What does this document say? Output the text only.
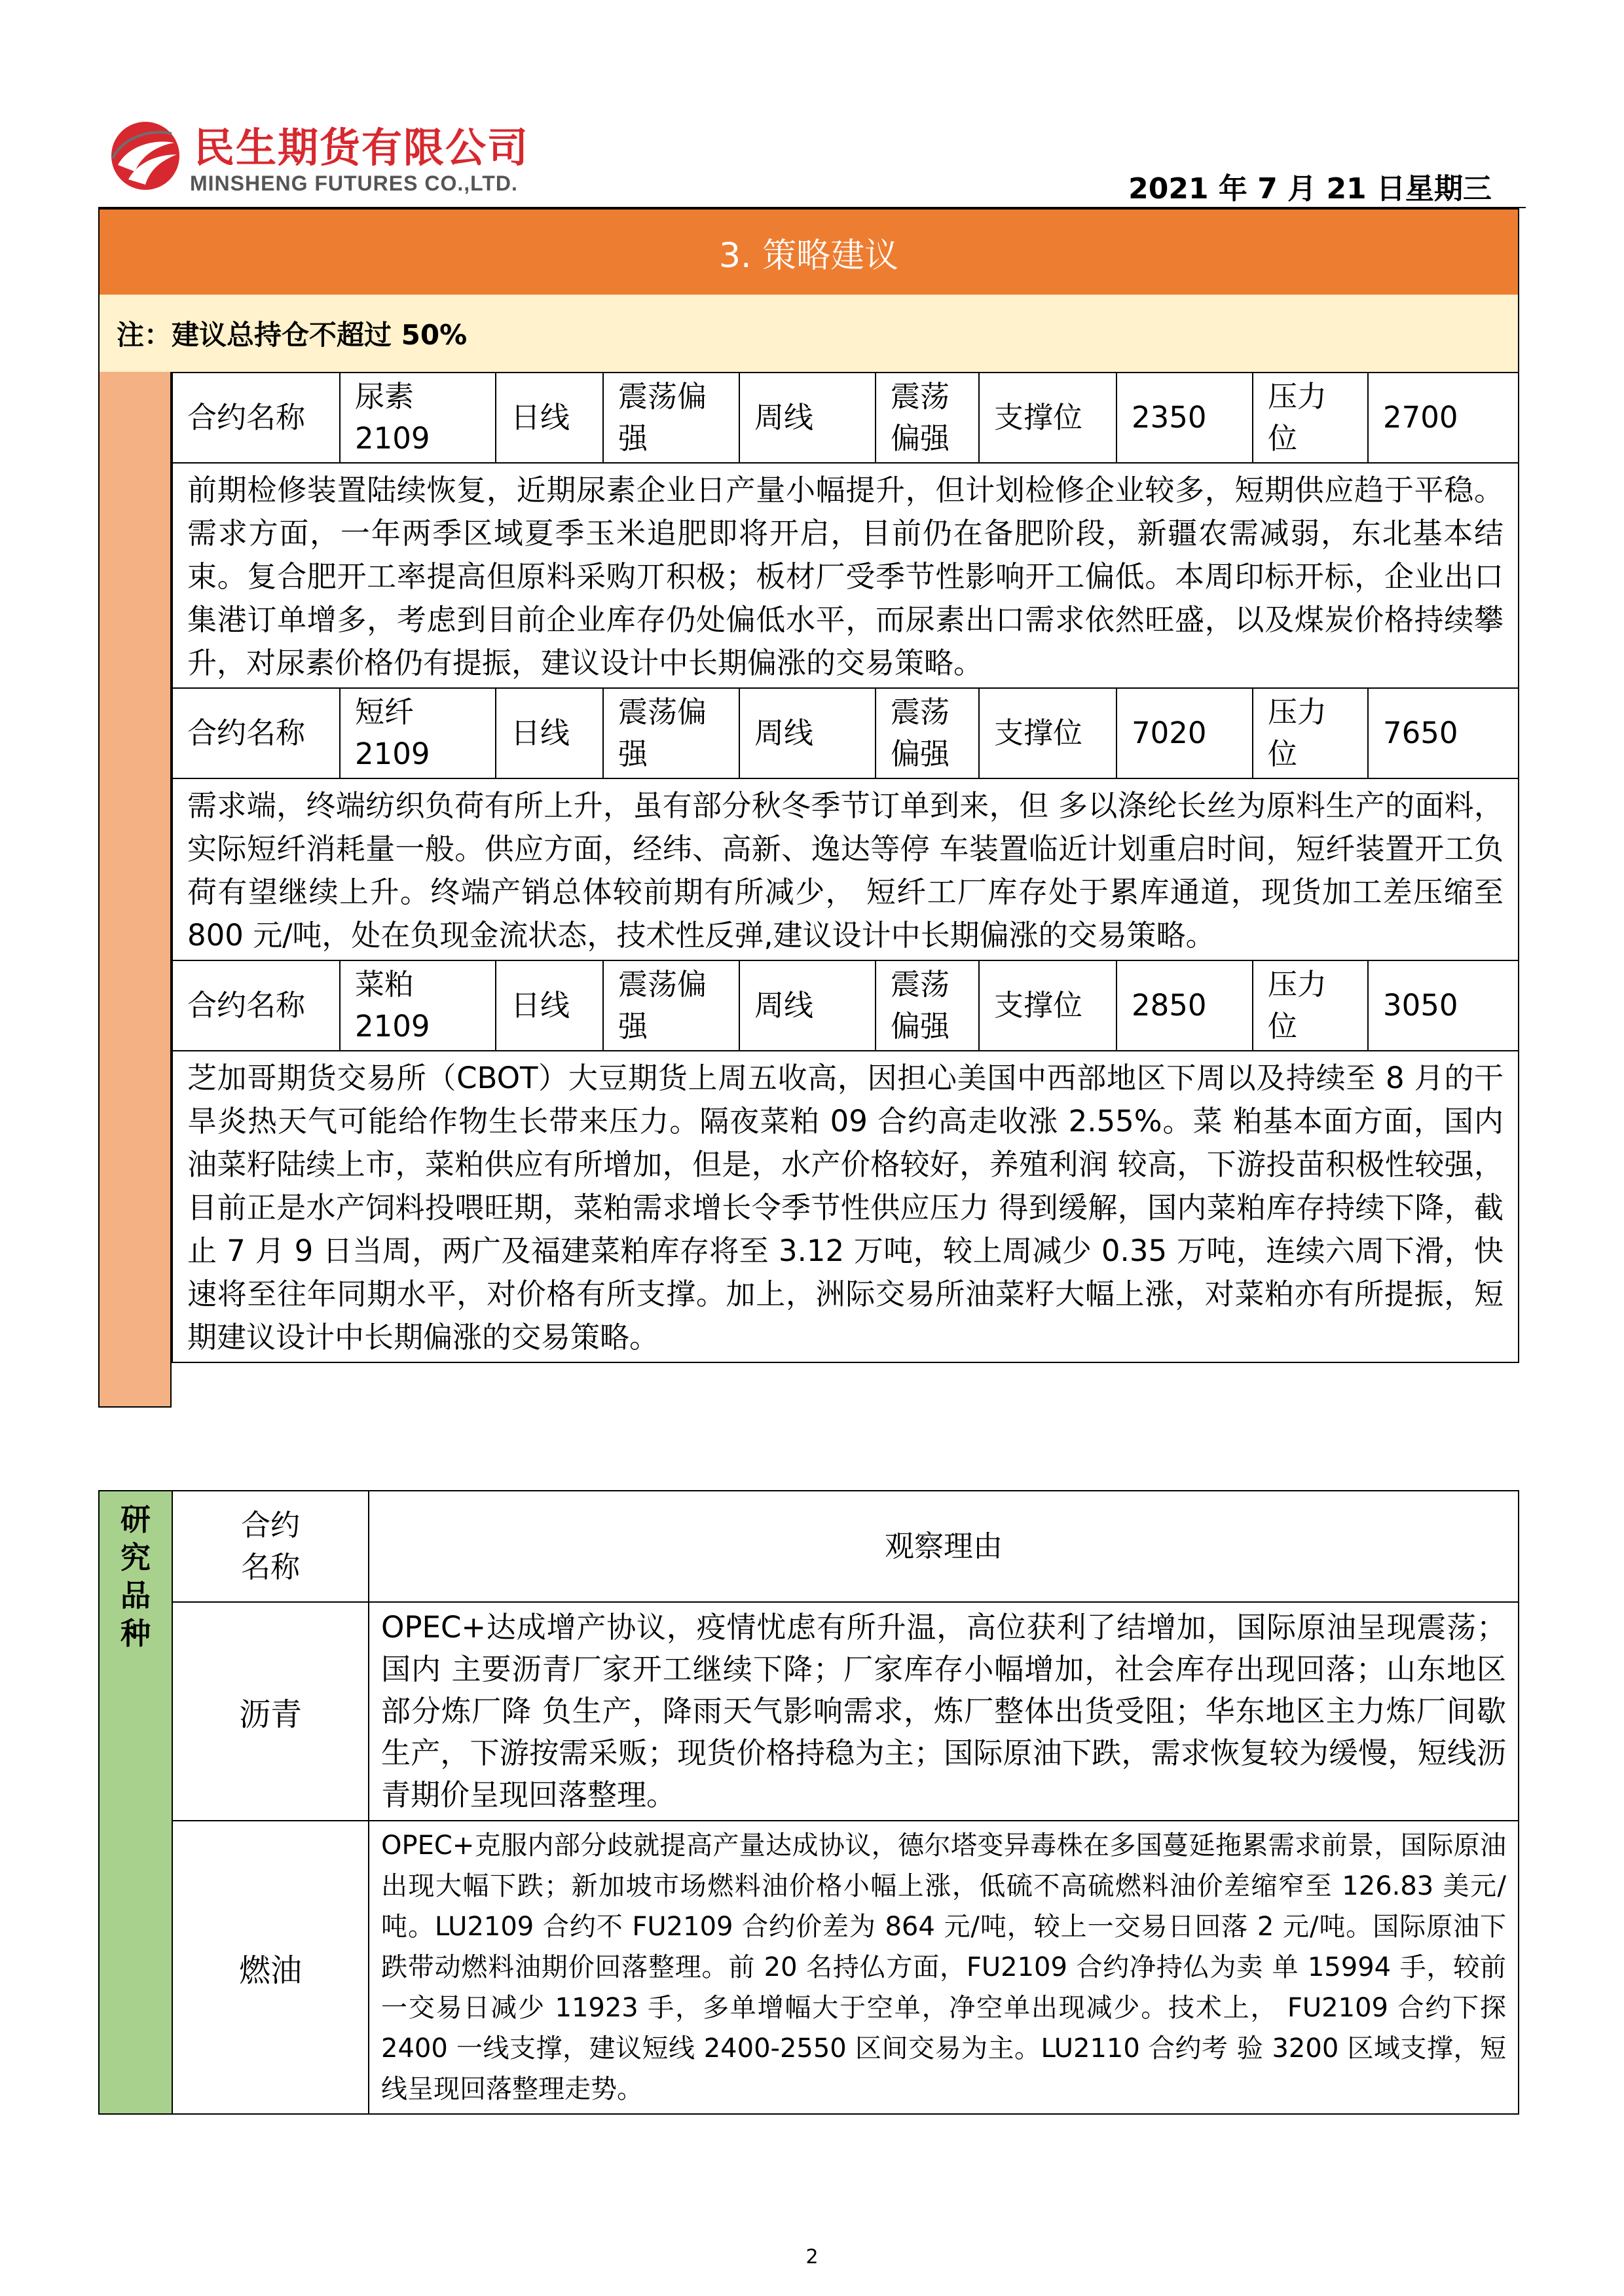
民生期货有限公司
MINSHENG FUTURES CO.,LTD.	2021 年 7 月 21 日星期三
3. 策略建议
注：建议总持仓不超过 50%
合约名称	尿素 2109	日线	震荡偏强	周线	震荡偏强	支撑位	2350	压力位	2700
前期检修装置陆续恢复，近期尿素企业日产量小幅提升，但计划检修企业较多，短期供应趋于平稳。需求方面，一年两季区域夏季玉米追肥即将开启，目前仍在备肥阶段，新疆农需减弱，东北基本结束。复合肥开工率提高但原料采购丌积极；板材厂受季节性影响开工偏低。本周印标开标，企业出口集港订单增多，考虑到目前企业库存仍处偏低水平，而尿素出口需求依然旺盛，以及煤炭价格持续攀升，对尿素价格仍有提振，建议设计中长期偏涨的交易策略。									
合约名称	短纤 2109	日线	震荡偏强	周线	震荡偏强	支撑位	7020	压力位	7650
需求端，终端纺织负荷有所上升，虽有部分秋冬季节订单到来，但 多以涤纶长丝为原料生产的面料，实际短纤消耗量一般。供应方面，经纬、高新、逸达等停 车装置临近计划重启时间，短纤装置开工负荷有望继续上升。终端产销总体较前期有所减少， 短纤工厂库存处于累库通道，现货加工差压缩至 800 元/吨，处在负现金流状态，技术性反弹,建议设计中长期偏涨的交易策略。									
合约名称	菜粕 2109	日线	震荡偏强	周线	震荡偏强	支撑位	2850	压力位	3050
芝加哥期货交易所（CBOT）大豆期货上周五收高，因担心美国中西部地区下周以及持续至 8 月的干旱炎热天气可能给作物生长带来压力。隔夜菜粕 09 合约高走收涨 2.55%。菜 粕基本面方面，国内油菜籽陆续上市，菜粕供应有所增加，但是，水产价格较好，养殖利润 较高，下游投苗积极性较强，目前正是水产饲料投喂旺期，菜粕需求增长令季节性供应压力 得到缓解，国内菜粕库存持续下降，截止 7 月 9 日当周，两广及福建菜粕库存将至 3.12 万吨，较上周减少 0.35 万吨，连续六周下滑，快速将至往年同期水平，对价格有所支撑。加上，洲际交易所油菜籽大幅上涨，对菜粕亦有所提振，短期建议设计中长期偏涨的交易策略。									
研究品种	合约名称	观察理由
	沥青	OPEC+达成增产协议，疫情忧虑有所升温，高位获利了结增加，国际原油呈现震荡；国内 主要沥青厂家开工继续下降；厂家库存小幅增加，社会库存出现回落；山东地区部分炼厂降 负生产，降雨天气影响需求，炼厂整体出货受阻；华东地区主力炼厂间歇生产，下游按需采贩；现货价格持稳为主；国际原油下跌，需求恢复较为缓慢，短线沥青期价呈现回落整理。
	燃油	OPEC+克服内部分歧就提高产量达成协议，德尔塔变异毒株在多国蔓延拖累需求前景，国际原油出现大幅下跌；新加坡市场燃料油价格小幅上涨，低硫不高硫燃料油价差缩窄至 126.83 美元/吨。LU2109 合约不 FU2109 合约价差为 864 元/吨，较上一交易日回落 2 元/吨。国际原油下跌带动燃料油期价回落整理。前 20 名持仏方面，FU2109 合约净持仏为卖 单 15994 手，较前一交易日减少 11923 手，多单增幅大于空单，净空单出现减少。技术上， FU2109 合约下探 2400 一线支撑，建议短线 2400-2550 区间交易为主。LU2110 合约考 验 3200 区域支撑，短线呈现回落整理走势。
2
